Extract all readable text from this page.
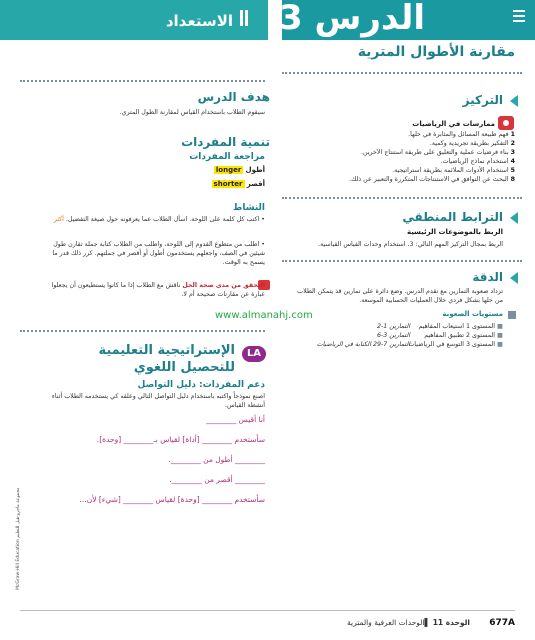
الاستعداد الدرس 3
مقارنة الأطوال المترية
التركيز
ممارسات في الرياضيات
1 فهم طبيعة المسائل والمثابرة في حلها.
2 التفكير بطريقة تجريدية وكمية.
3 بناء فرضيات عملية والتعليق على طريقة استنتاج الآخرين.
4 استخدام نماذج الرياضيات.
5 استخدام الأدوات الملائمة بطريقة استراتيجية.
8 البحث عن التوافق في الاستنتاجات المتكررة والتعبير عن ذلك.
الترابط المنطقي
الربط بالموضوعات الرئيسية
الربط بمجال التركيز المهم التالي: 3. استخدام وحدات القياس القياسية.
الدقة
تزداد صعوبة التمارين مع تقدم الدرس. وضع دائرة على تمارين قد يتمكن الطلاب من حلها بشكل فردي خلال العمليات الحسابية الموسعة.
مستويات الصعوبة
■ المستوى 1 استيعاب المفاهيم
■ المستوى 2 تطبيق المفاهيم
■ المستوى 3 التوسع في الرياضيات
التمارين 1-2
التمارين 3-6
التمارين 7-29 الكتابة في الرياضيات
هدف الدرس
سيقوم الطلاب باستخدام القياس لمقارنة الطول المتري.
تنمية المفردات
مراجعة المفردات
أطول longer
أقصر shorter
النشاط
• اكتب كل كلمة على اللوحة. اسأل الطلاب عما يعرفونه حول صيغة التفضيل. أكثر
• اطلب من متطوع القدوم إلى اللوحة، واطلب من الطلاب كتابة جملة تقارن طول شيئين في الصف، واجعلهم يستخدمون أطول أو أقصر في جملتهم. كرر ذلك قدر ما يسمح به الوقت.
التحقق من مدى صحة الحل ناقش مع الطلاب إذا ما كانوا يستطيعون أن يجعلوا عبارة عن مقارنات صحيحة أم لا.
www.almanahj.com
LA
الإستراتيجية التعليمية
للتحصيل اللغوي
دعم المفردات: دليل التواصل
اصنع نموذجاً واكتبه باستخدام دليل التواصل التالي وعلقه كي يستخدمه الطلاب أثناء أنشطة القياس.
أنا أقيس ________
سأستخدم ________ [أداة] لقياس بـ________ [وحدة].
________ أطول من ________.
________ أقصر من ________.
سأستخدم ________ [وحدة] لقياس ________ [شيء] لأن...
McGraw-Hill Education مجموعة ماجرو-هيل للتعليم
677A
الوحدة 11 ▌الوحدات العرفية والمترية
